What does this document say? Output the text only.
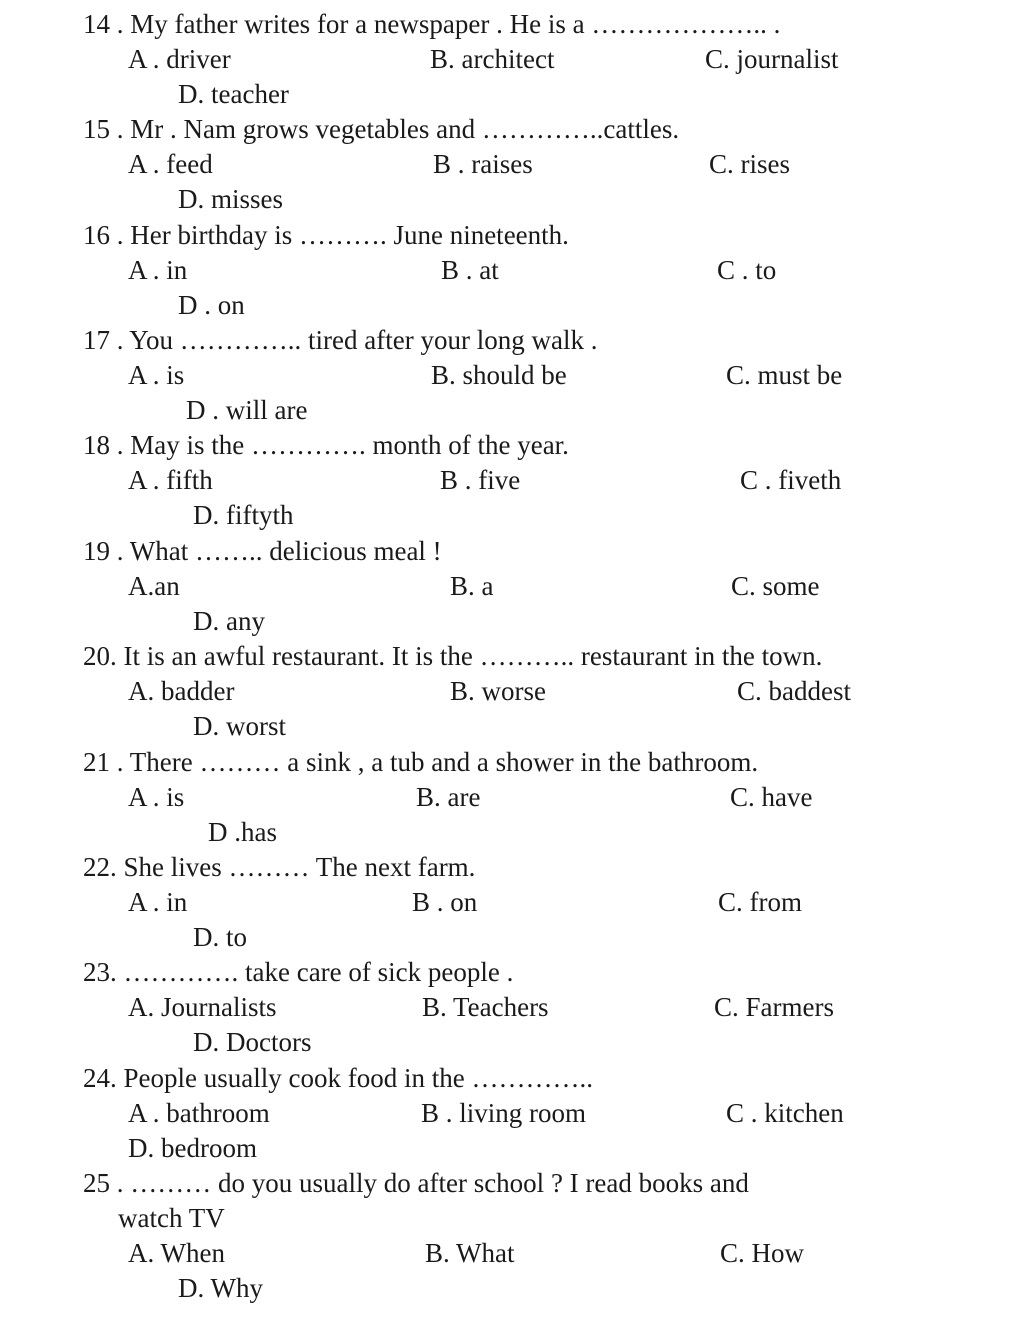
14 . My father writes for a newspaper . He is a ……………….. .
A . driver	B. architect	C. journalist
D. teacher
15 . Mr . Nam grows vegetables and …………..cattles.
A . feed	B . raises	C. rises
D. misses
16 . Her birthday is ………. June nineteenth.
A . in	B . at	C . to
D . on
17 . You ………….. tired after your long walk .
A . is	B. should be	C. must be
D . will are
18 . May is the …………. month of the year.
A . fifth	B . five	C . fiveth
D. fiftyth
19 . What …….. delicious meal !
A.an	B. a	C. some
D. any
20. It is an awful restaurant. It is the ……….. restaurant in the town.
A. badder	B. worse	C. baddest
D. worst
21 . There ……… a sink , a tub and a shower in the bathroom.
A . is	B. are	C. have
D .has
22. She lives ……… The next farm.
A . in	B . on	C. from
D. to
23. …………. take care of sick people .
A. Journalists	B. Teachers	C. Farmers
D. Doctors
24. People usually cook food in the …………..
A . bathroom	B . living room	C . kitchen
D. bedroom
25 . ……… do you usually do after school ? I read books and
watch TV
A. When	B. What	C. How
D. Why
